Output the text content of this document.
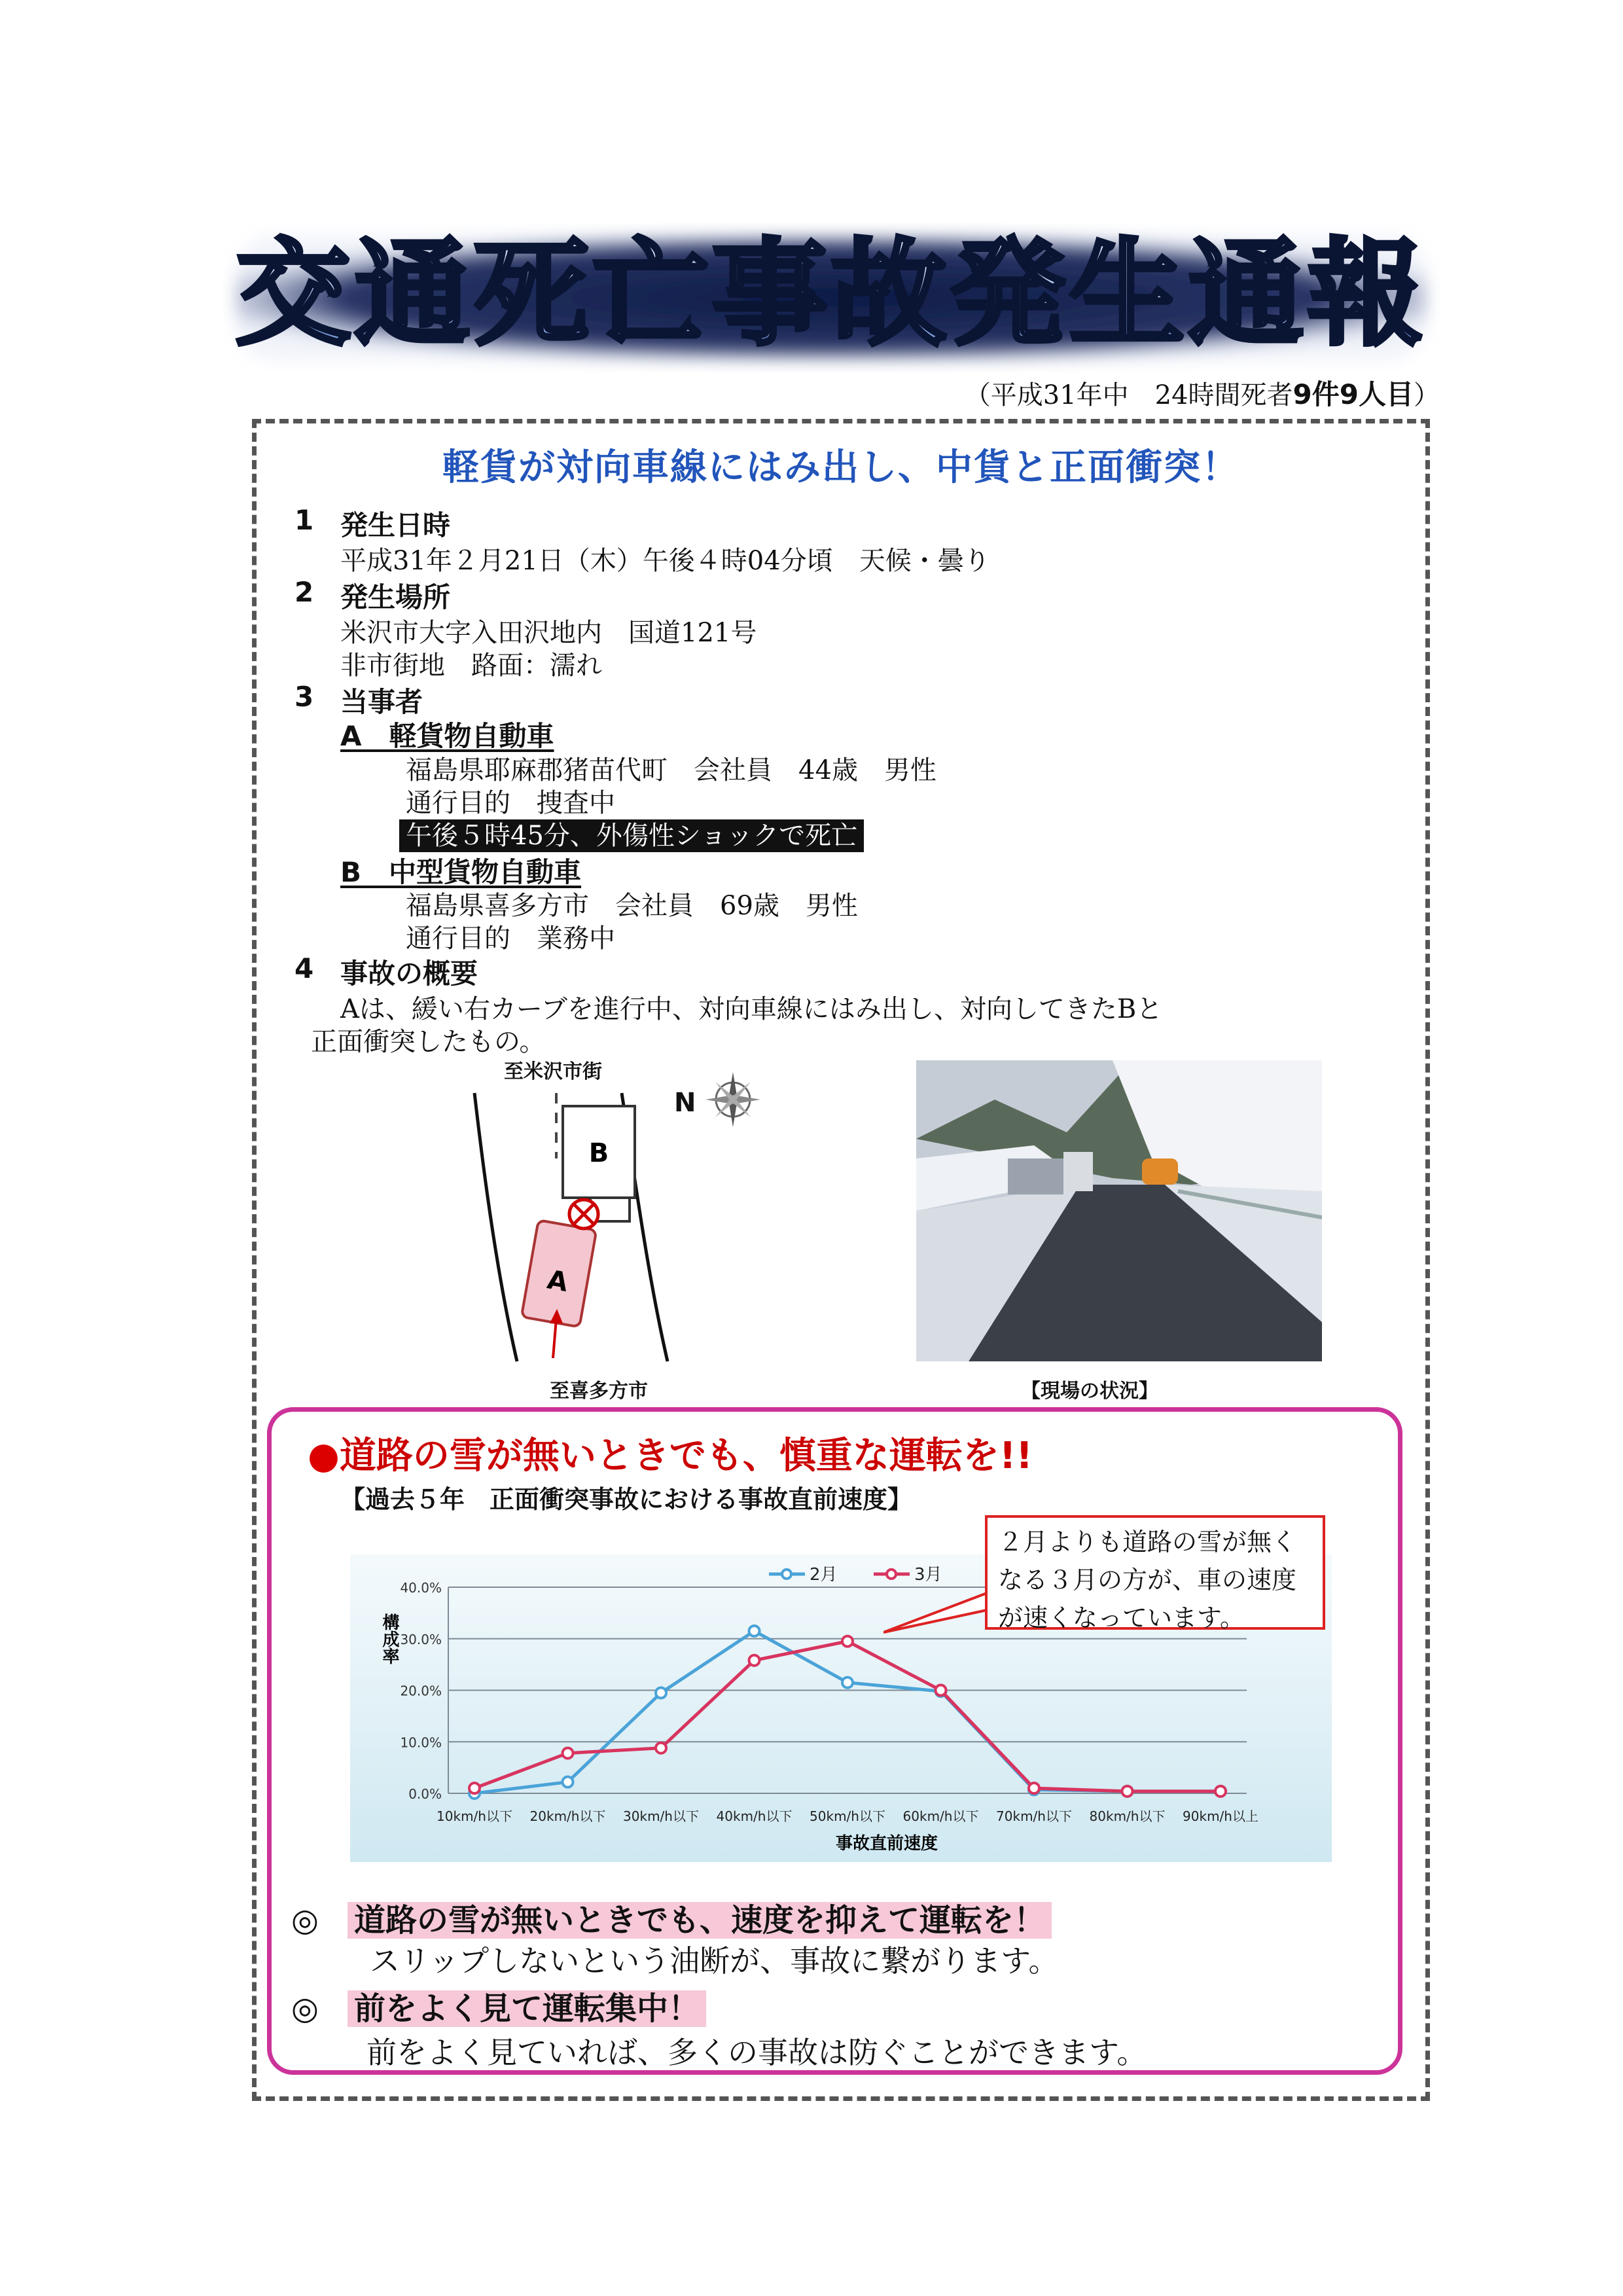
交通死亡事故発生通報
（平成31年中　24時間死者9件9人目）
軽貨が対向車線にはみ出し、中貨と正面衝突！
1 発生日時
平成31年２月21日（木）午後４時04分頃　天候・曇り
2 発生場所
米沢市大字入田沢地内　国道121号
非市街地　路面：濡れ
3 当事者
A　軽貨物自動車
福島県耶麻郡猪苗代町　会社員　44歳　男性
通行目的　捜査中
午後５時45分、外傷性ショックで死亡
B　中型貨物自動車
福島県喜多方市　会社員　69歳　男性
通行目的　業務中
4 事故の概要
Aは、緩い右カーブを進行中、対向車線にはみ出し、対向してきたBと
正面衝突したもの。
至米沢市街
至喜多方市
B
A
N
【現場の状況】
●道路の雪が無いときでも、慎重な運転を!!
【過去５年　正面衝突事故における事故直前速度】
0.0%
10.0%
20.0%
30.0%
40.0%
10km/h以下 20km/h以下 30km/h以下 40km/h以下 50km/h以下 60km/h以下 70km/h以下 80km/h以下 90km/h以上
2月	3月
構成率
事故直前速度
２月よりも道路の雪が無くなる３月の方が、車の速度が速くなっています。
◎ 道路の雪が無いときでも、速度を抑えて運転を！
スリップしないという油断が、事故に繋がります。
◎ 前をよく見て運転集中！
前をよく見ていれば、多くの事故は防ぐことができます。
